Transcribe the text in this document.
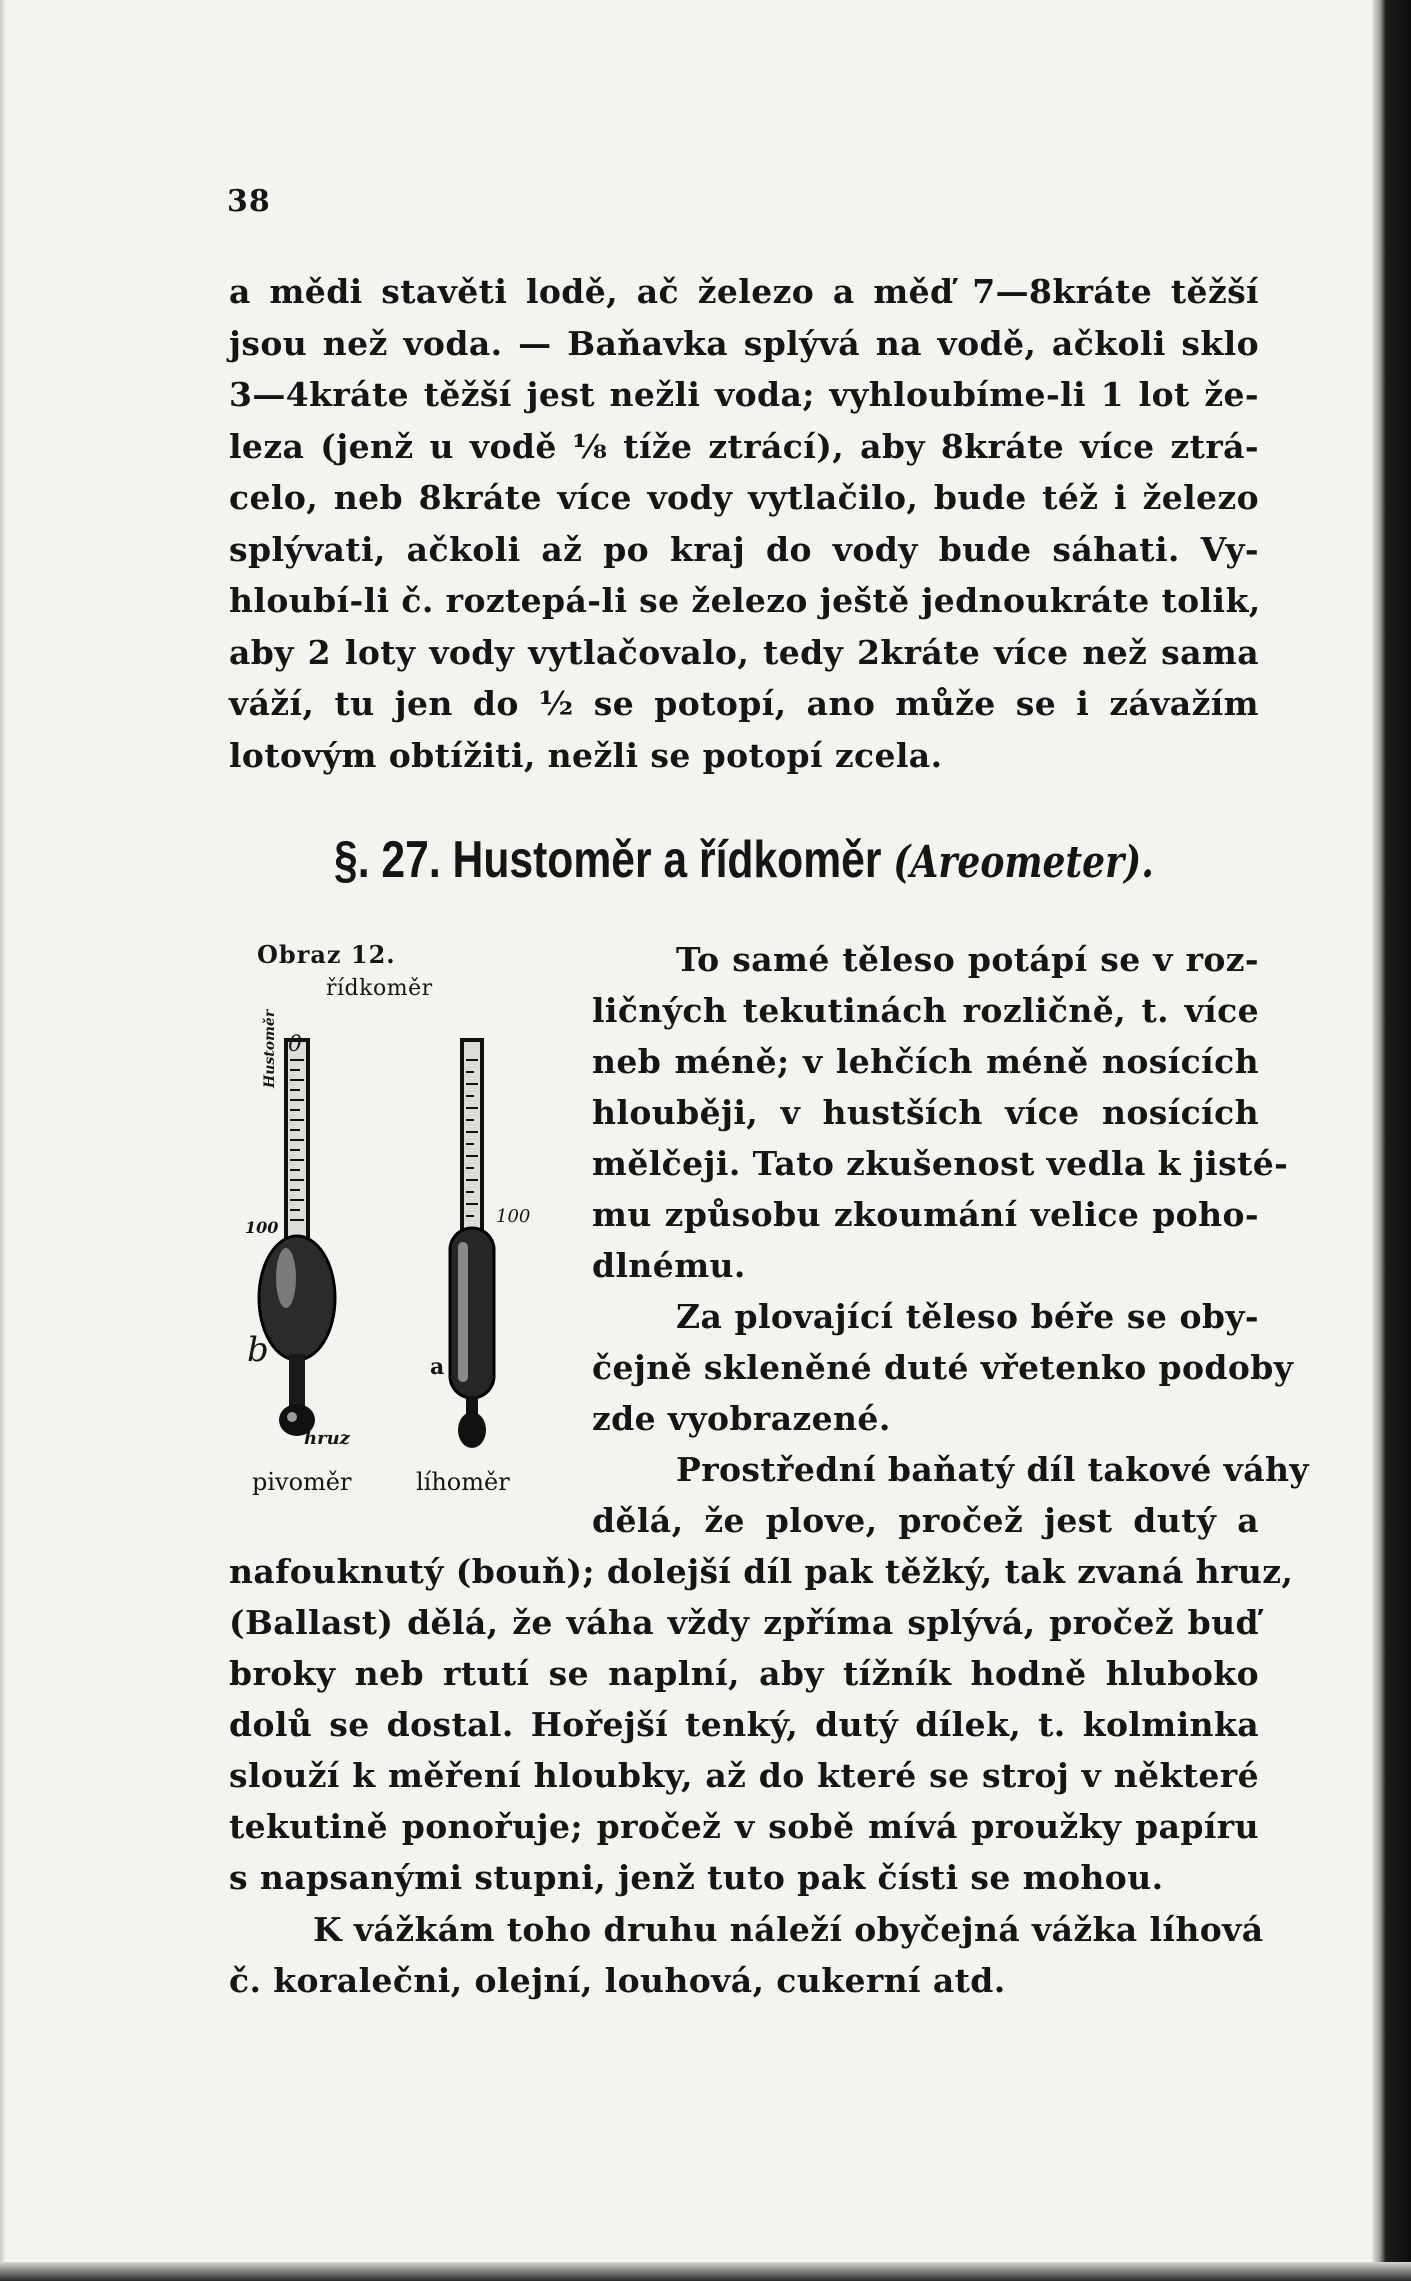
38
a mědi stavěti lodě, ač železo a měď 7—8kráte těžší
jsou než voda. — Baňavka splývá na vodě, ačkoli sklo
3—4kráte těžší jest nežli voda; vyhloubíme-li 1 lot že-
leza (jenž u vodě ⅛ tíže ztrácí), aby 8kráte více ztrá-
celo, neb 8kráte více vody vytlačilo, bude též i železo
splývati, ačkoli až po kraj do vody bude sáhati. Vy-
hloubí-li č. roztepá-li se železo ještě jednoukráte tolik,
aby 2 loty vody vytlačovalo, tedy 2kráte více než sama
váží, tu jen do ½ se potopí, ano může se i závažím
lotovým obtížiti, nežli se potopí zcela.
§. 27. Hustoměr a řídkoměr (Areometer).
Obraz 12.
řídkoměr
0
Hustoměr
100
100
b	a
hruz
pivoměr	líhoměr
To samé těleso potápí se v roz-
ličných tekutinách rozličně, t. více
neb méně; v lehčích méně nosících
hlouběji, v hustších více nosících
mělčeji. Tato zkušenost vedla k jisté-
mu způsobu zkoumání velice poho-
dlnému.
Za plovající těleso béře se oby-
čejně skleněné duté vřetenko podoby
zde vyobrazené.
Prostřední baňatý díl takové váhy
dělá, že plove, pročež jest dutý a
nafouknutý (bouň); dolejší díl pak těžký, tak zvaná hruz,
(Ballast) dělá, že váha vždy zpříma splývá, pročež buď
broky neb rtutí se naplní, aby tížník hodně hluboko
dolů se dostal. Hořejší tenký, dutý dílek, t. kolminka
slouží k měření hloubky, až do které se stroj v některé
tekutině ponořuje; pročež v sobě mívá proužky papíru
s napsanými stupni, jenž tuto pak čísti se mohou.
K vážkám toho druhu náleží obyčejná vážka líhová
č. koralečni, olejní, louhová, cukerní atd.
